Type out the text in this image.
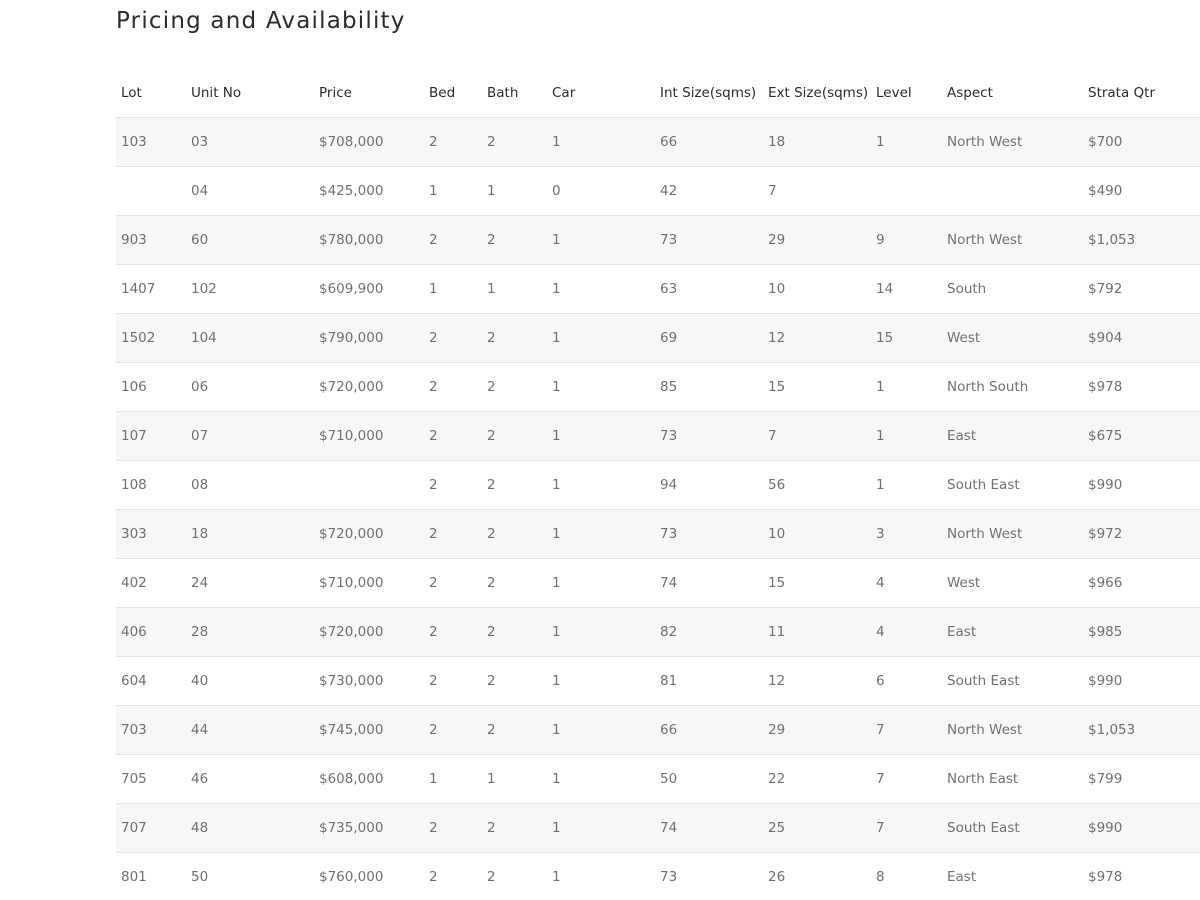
Pricing and Availability
Lot	Unit No	Price	Bed	Bath	Car	Int Size(sqms)	Ext Size(sqms)	Level	Aspect	Strata Qtr
103	03	$708,000	2	2	1	66	18	1	North West	$700
	04	$425,000	1	1	0	42	7			$490
903	60	$780,000	2	2	1	73	29	9	North West	$1,053
1407	102	$609,900	1	1	1	63	10	14	South	$792
1502	104	$790,000	2	2	1	69	12	15	West	$904
106	06	$720,000	2	2	1	85	15	1	North South	$978
107	07	$710,000	2	2	1	73	7	1	East	$675
108	08		2	2	1	94	56	1	South East	$990
303	18	$720,000	2	2	1	73	10	3	North West	$972
402	24	$710,000	2	2	1	74	15	4	West	$966
406	28	$720,000	2	2	1	82	11	4	East	$985
604	40	$730,000	2	2	1	81	12	6	South East	$990
703	44	$745,000	2	2	1	66	29	7	North West	$1,053
705	46	$608,000	1	1	1	50	22	7	North East	$799
707	48	$735,000	2	2	1	74	25	7	South East	$990
801	50	$760,000	2	2	1	73	26	8	East	$978
